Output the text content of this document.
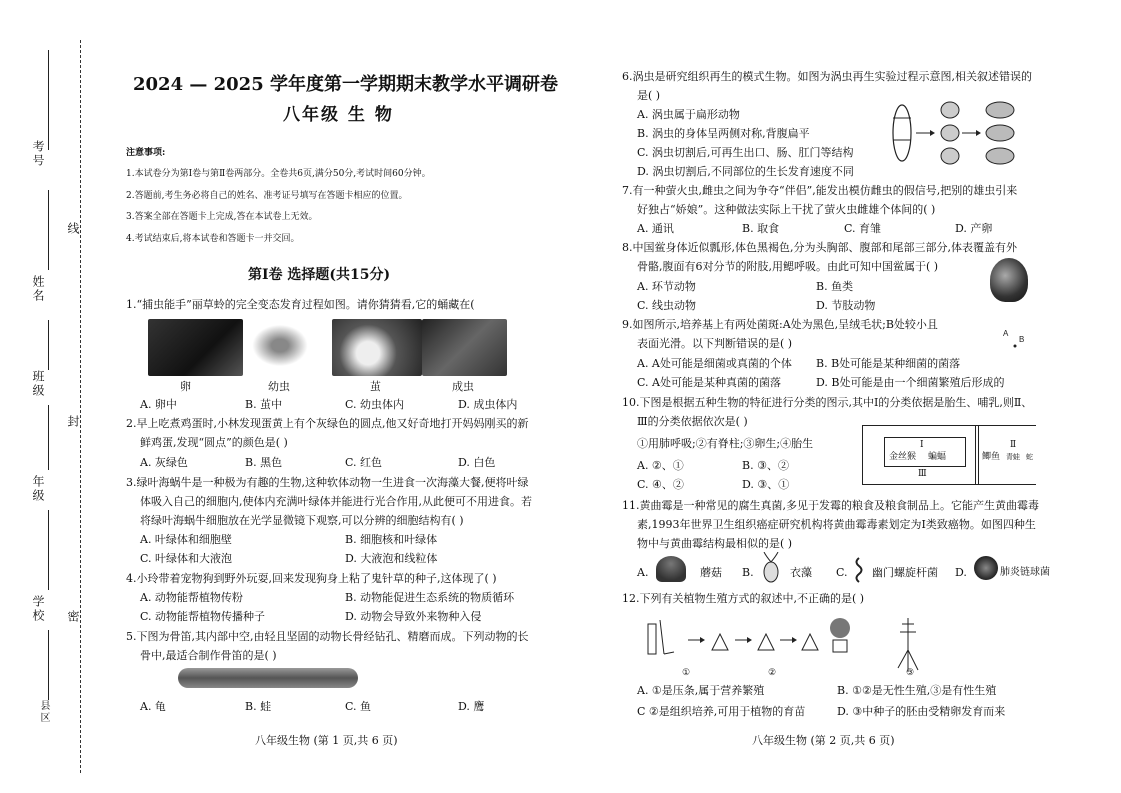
考号
姓名
班级
年级
学校
县区
线
封
密
2024 — 2025 学年度第一学期期末教学水平调研卷
八年级 生 物
注意事项:
1.本试卷分为第Ⅰ卷与第Ⅱ卷两部分。全卷共6页,满分50分,考试时间60分钟。
2.答题前,考生务必将自己的姓名、准考证号填写在答题卡相应的位置。
3.答案全部在答题卡上完成,答在本试卷上无效。
4.考试结束后,将本试卷和答题卡一并交回。
第Ⅰ卷 选择题(共15分)
1.“捕虫能手”丽草蛉的完全变态发育过程如图。请你猜猜看,它的蛹藏在(
卵	幼虫	茧	成虫
A. 卵中	B. 茧中	C. 幼虫体内	D. 成虫体内
2.早上吃煮鸡蛋时,小林发现蛋黄上有个灰绿色的圆点,他又好奇地打开妈妈刚买的新
鲜鸡蛋,发现“圆点”的颜色是( )
A. 灰绿色	B. 黑色	C. 红色	D. 白色
3.绿叶海蜗牛是一种极为有趣的生物,这种软体动物一生进食一次海藻大餐,便将叶绿
体吸入自己的细胞内,使体内充满叶绿体并能进行光合作用,从此便可不用进食。若
将绿叶海蜗牛细胞放在光学显微镜下观察,可以分辨的细胞结构有( )
A. 叶绿体和细胞壁	B. 细胞核和叶绿体
C. 叶绿体和大液泡	D. 大液泡和线粒体
4.小玲带着宠物狗到野外玩耍,回来发现狗身上粘了鬼针草的种子,这体现了( )
A. 动物能帮植物传粉	B. 动物能促进生态系统的物质循环
C. 动物能帮植物传播种子	D. 动物会导致外来物种入侵
5.下图为骨笛,其内部中空,由轻且坚固的动物长骨经钻孔、精磨而成。下列动物的长
骨中,最适合制作骨笛的是( )
A. 龟	B. 蛙	C. 鱼	D. 鹰
八年级生物 (第 1 页,共 6 页)
6.涡虫是研究组织再生的模式生物。如图为涡虫再生实验过程示意图,相关叙述错误的
是( )
A. 涡虫属于扁形动物
B. 涡虫的身体呈两侧对称,背腹扁平
C. 涡虫切割后,可再生出口、肠、肛门等结构
D. 涡虫切割后,不同部位的生长发育速度不同
7.有一种萤火虫,雌虫之间为争夺“伴侣”,能发出模仿雌虫的假信号,把别的雄虫引来
好独占“娇娘”。这种做法实际上干扰了萤火虫雌雄个体间的( )
A. 通讯	B. 取食	C. 育雏	D. 产卵
8.中国鲎身体近似瓢形,体色黑褐色,分为头胸部、腹部和尾部三部分,体表覆盖有外
骨骼,腹面有6对分节的附肢,用鳃呼吸。由此可知中国鲎属于( )
A. 环节动物	B. 鱼类
C. 线虫动物	D. 节肢动物
9.如图所示,培养基上有两处菌斑:A处为黑色,呈绒毛状;B处较小且
表面光滑。以下判断错误的是( )
A
B
A. A处可能是细菌或真菌的个体 B. B处可能是某种细菌的菌落
C. A处可能是某种真菌的菌落	D. B处可能是由一个细菌繁殖后形成的
10.下图是根据五种生物的特征进行分类的图示,其中Ⅰ的分类依据是胎生、哺乳,则Ⅱ、
Ⅲ的分类依据依次是( )
①用肺呼吸;②有脊柱;③卵生;④胎生
A. ②、①	B. ③、②
C. ④、②	D. ③、①
Ⅰ
金丝猴 蝙蝠
Ⅲ
Ⅱ
鲫鱼 青蛙 蛇
11.黄曲霉是一种常见的腐生真菌,多见于发霉的粮食及粮食制品上。它能产生黄曲霉毒
素,1993年世界卫生组织癌症研究机构将黄曲霉毒素划定为Ⅰ类致癌物。如图四种生
物中与黄曲霉结构最相似的是( )
A.	蘑菇 B.	衣藻 C. 幽门螺旋杆菌 D.	肺炎链球菌
12.下列有关植物生殖方式的叙述中,不正确的是( )
①	②	③
A. ①是压条,属于营养繁殖	B. ①②是无性生殖,③是有性生殖
C ②是组织培养,可用于植物的育苗	D. ③中种子的胚由受精卵发育而来
八年级生物 (第 2 页,共 6 页)
